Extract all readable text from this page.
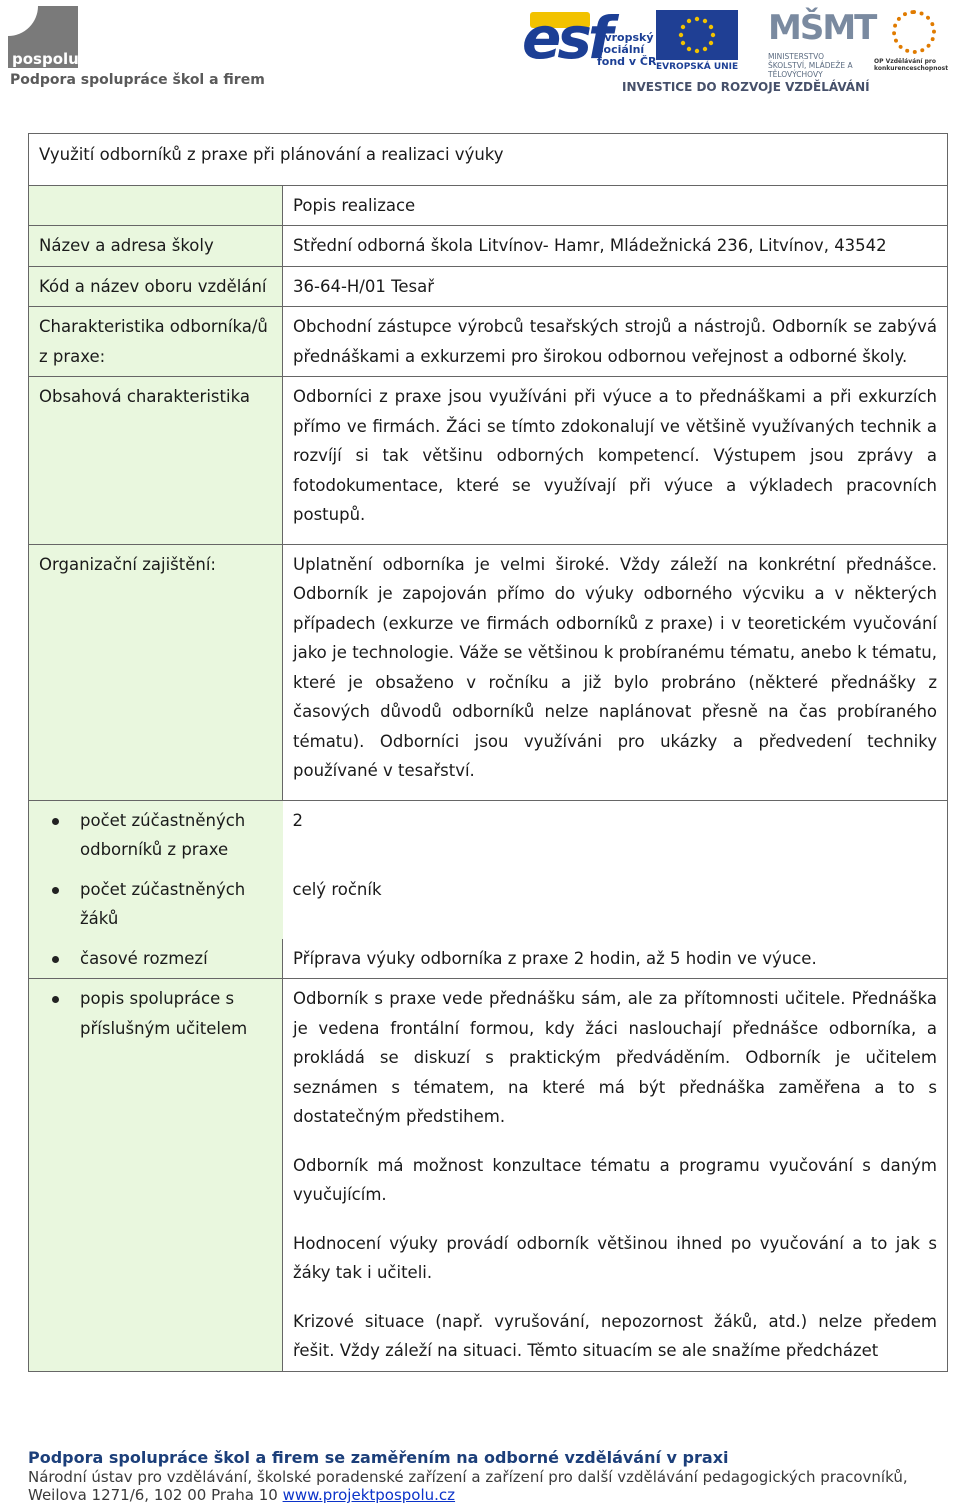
pospolu
Podpora spolupráce škol a firem
esf
evropský sociální fond v ČR EVROPSKÁ UNIE
MŠMT
MINISTERSTVO ŠKOLSTVÍ, MLÁDEŽE A TĚLOVÝCHOVY
OP Vzdělávání pro konkurenceschopnost
INVESTICE DO ROZVOJE VZDĚLÁVÁNÍ
Využití odborníků z praxe při plánování a realizaci výuky	
	Popis realizace
Název a adresa školy	Střední odborná škola Litvínov- Hamr, Mládežnická 236, Litvínov, 43542
Kód a název oboru vzdělání	36-64-H/01 Tesař
Charakteristika odborníka/ů z praxe:	Obchodní zástupce výrobců tesařských strojů a nástrojů. Odborník se zabývá přednáškami a exkurzemi pro širokou odbornou veřejnost a odborné školy.
Obsahová charakteristika	Odborníci z praxe jsou využíváni při výuce a to přednáškami a při exkurzích přímo ve firmách. Žáci se tímto zdokonalují ve většině využívaných technik a rozvíjí si tak většinu odborných kompetencí. Výstupem jsou zprávy a fotodokumentace, které se využívají při výuce a výkladech pracovních postupů.
Organizační zajištění:	Uplatnění odborníka je velmi široké. Vždy záleží na konkrétní přednášce. Odborník je zapojován přímo do výuky odborného výcviku a v některých případech (exkurze ve firmách odborníků z praxe) i v teoretickém vyučování jako je technologie. Váže se většinou k probíranému tématu, anebo k tématu, které je obsaženo v ročníku a již bylo probráno (některé přednášky z časových důvodů odborníků nelze naplánovat přesně na čas probíraného tématu). Odborníci jsou využíváni pro ukázky a předvedení techniky používané v tesařství.

počet zúčastněných odborníků z praxe	2

počet zúčastněných žáků	celý ročník

časové rozmezí	Příprava výuky odborníka z praxe 2 hodin, až 5 hodin ve výuce.

popis spolupráce s příslušným učitelem	Odborník s praxe vede přednášku sám, ale za přítomnosti učitele. Přednáška je vedena frontální formou, kdy žáci naslouchají přednášce odborníka, a prokládá se diskuzí s praktickým předváděním. Odborník je učitelem seznámen s tématem, na které má být přednáška zaměřena a to s dostatečným předstihem.

Odborník má možnost konzultace tématu a programu vyučování s daným vyučujícím.

Hodnocení výuky provádí odborník většinou ihned po vyučování a to jak s žáky tak i učiteli.

Krizové situace (např. vyrušování, nepozornost žáků, atd.) nelze předem řešit. Vždy záleží na situaci. Těmto situacím se ale snažíme předcházet

Podpora spolupráce škol a firem se zaměřením na odborné vzdělávání v praxi
Národní ústav pro vzdělávání, školské poradenské zařízení a zařízení pro další vzdělávání pedagogických pracovníků,
Weilova 1271/6, 102 00 Praha 10 www.projektpospolu.cz
